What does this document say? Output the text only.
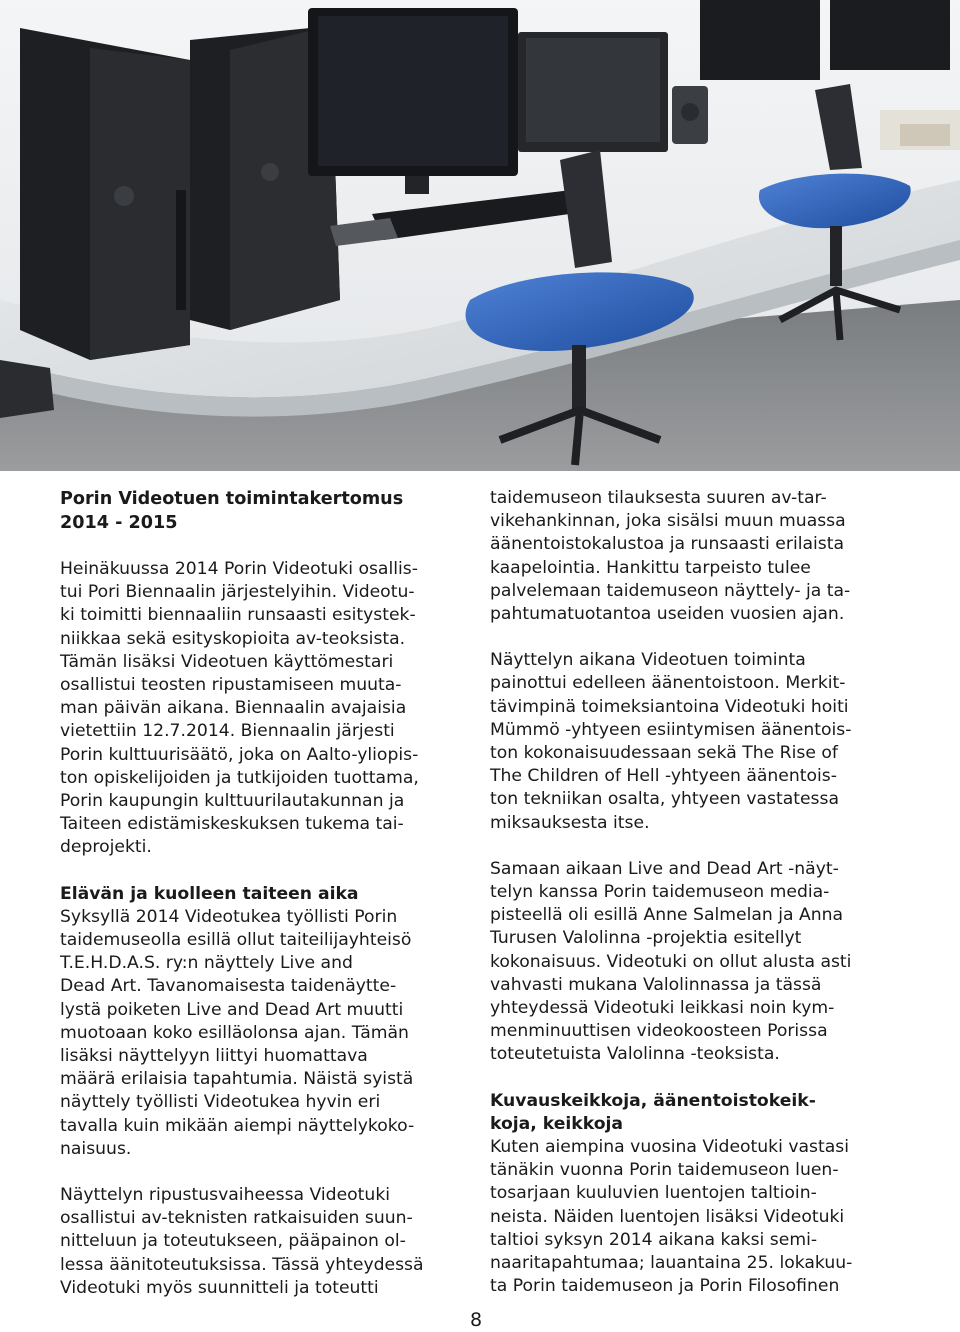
Porin Videotuen toimintakertomus

2014 - 2015

Heinäkuussa 2014 Porin Videotuki osallis-
tui Pori Biennaalin järjestelyihin. Videotu-
ki toimitti biennaaliin runsaasti esitystek-
niikkaa sekä esityskopioita av-teoksista.
Tämän lisäksi Videotuen käyttömestari
osallistui teosten ripustamiseen muuta-
man päivän aikana. Biennaalin avajaisia
vietettiin 12.7.2014. Biennaalin järjesti
Porin kulttuurisäätö, joka on Aalto-yliopis-
ton opiskelijoiden ja tutkijoiden tuottama,
Porin kaupungin kulttuurilautakunnan ja
Taiteen edistämiskeskuksen tukema tai-
deprojekti.

Elävän ja kuolleen taiteen aika

Syksyllä 2014 Videotukea työllisti Porin
taidemuseolla esillä ollut taiteilijayhteisö
T.E.H.D.A.S. ry:n näyttely Live and
Dead Art. Tavanomaisesta taidenäytte-
lystä poiketen Live and Dead Art muutti
muotoaan koko esilläolonsa ajan. Tämän
lisäksi näyttelyyn liittyi huomattava
määrä erilaisia tapahtumia. Näistä syistä
näyttely työllisti Videotukea hyvin eri
tavalla kuin mikään aiempi näyttelykoko-
naisuus.

Näyttelyn ripustusvaiheessa Videotuki
osallistui av-teknisten ratkaisuiden suun-
nitteluun ja toteutukseen, pääpainon ol-
lessa äänitoteutuksissa. Tässä yhteydessä
Videotuki myös suunnitteli ja toteutti

taidemuseon tilauksesta suuren av-tar-
vikehankinnan, joka sisälsi muun muassa
äänentoistokalustoa ja runsaasti erilaista
kaapelointia. Hankittu tarpeisto tulee
palvelemaan taidemuseon näyttely- ja ta-
pahtumatuotantoa useiden vuosien ajan.

Näyttelyn aikana Videotuen toiminta
painottui edelleen äänentoistoon. Merkit-
tävimpinä toimeksiantoina Videotuki hoiti
Mümmö -yhtyeen esiintymisen äänentois-
ton kokonaisuudessaan sekä The Rise of
The Children of Hell -yhtyeen äänentois-
ton tekniikan osalta, yhtyeen vastatessa
miksauksesta itse.

Samaan aikaan Live and Dead Art -näyt-
telyn kanssa Porin taidemuseon media-
pisteellä oli esillä Anne Salmelan ja Anna
Turusen Valolinna -projektia esitellyt
kokonaisuus. Videotuki on ollut alusta asti
vahvasti mukana Valolinnassa ja tässä
yhteydessä Videotuki leikkasi noin kym-
menminuuttisen videokoosteen Porissa
toteutetuista Valolinna -teoksista.

Kuvauskeikkoja, äänentoistokeik-
koja, keikkoja

Kuten aiempina vuosina Videotuki vastasi
tänäkin vuonna Porin taidemuseon luen-
tosarjaan kuuluvien luentojen taltioin-
neista. Näiden luentojen lisäksi Videotuki
taltioi syksyn 2014 aikana kaksi semi-
naaritapahtumaa; lauantaina 25. lokakuu-
ta Porin taidemuseon ja Porin Filosofinen

8
